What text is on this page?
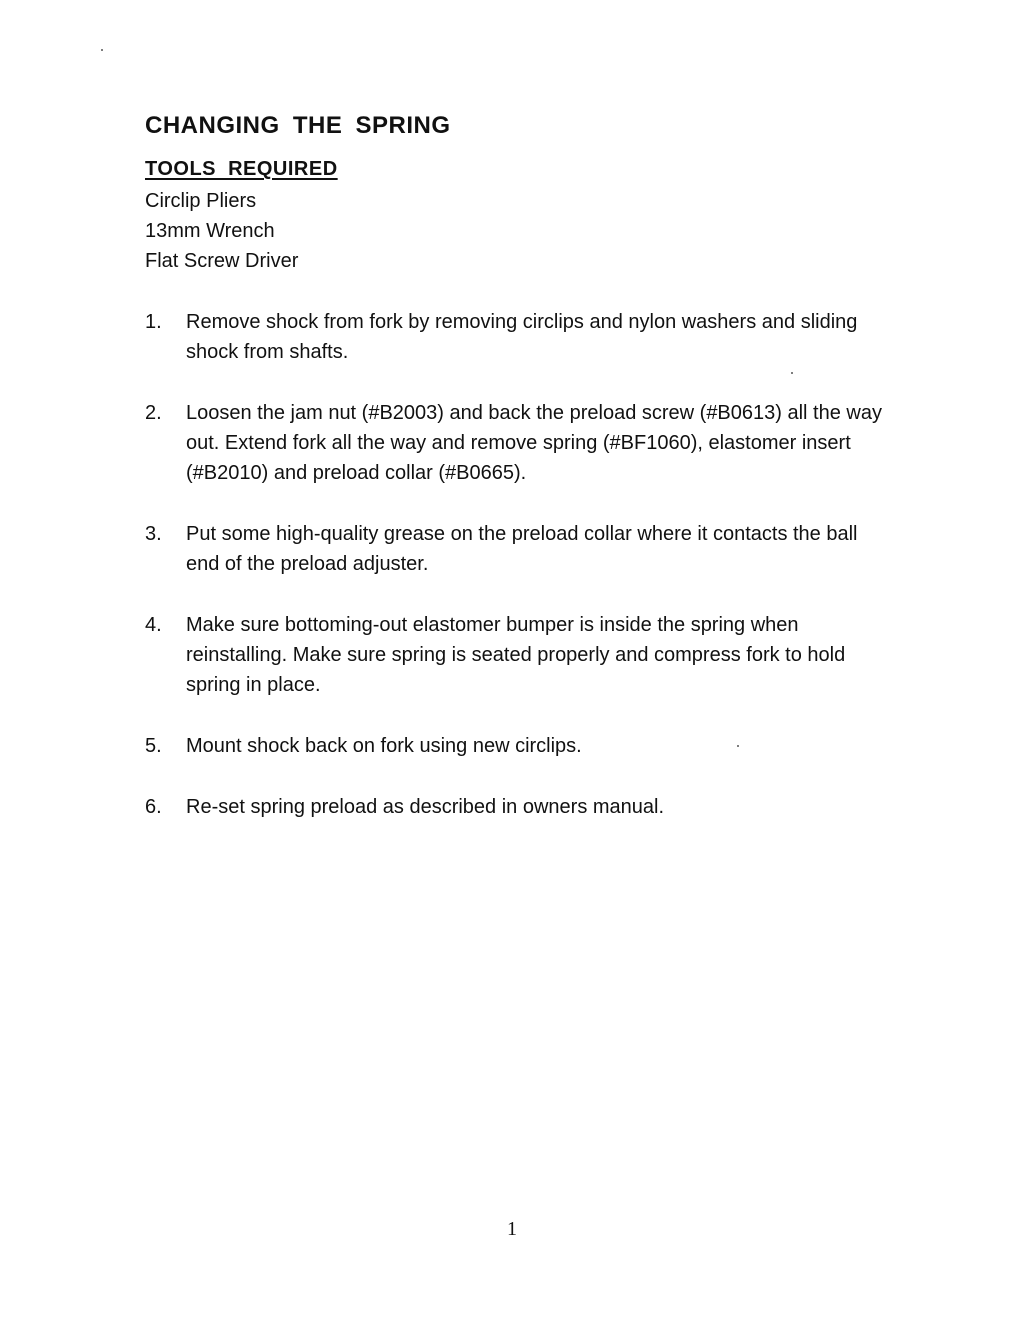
CHANGING THE SPRING
TOOLS REQUIRED
Circlip Pliers
13mm Wrench
Flat Screw Driver
1. Remove shock from fork by removing circlips and nylon washers and sliding shock from shafts.
2. Loosen the jam nut (#B2003) and back the preload screw (#B0613) all the way out. Extend fork all the way and remove spring (#BF1060), elastomer insert (#B2010) and preload collar (#B0665).
3. Put some high-quality grease on the preload collar where it contacts the ball end of the preload adjuster.
4. Make sure bottoming-out elastomer bumper is inside the spring when reinstalling. Make sure spring is seated properly and compress fork to hold spring in place.
5. Mount shock back on fork using new circlips.
6. Re-set spring preload as described in owners manual.

1
